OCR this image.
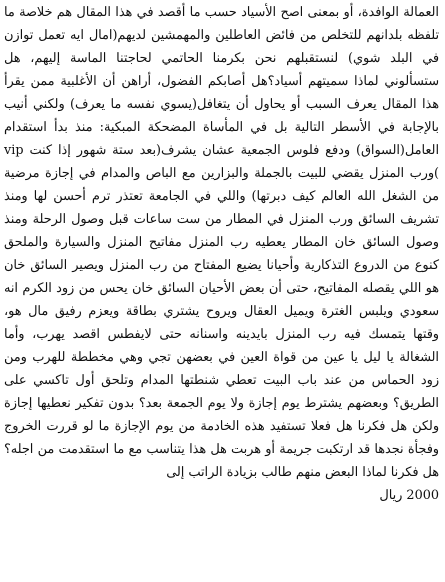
العمالة الوافدة، أو بمعنى اصح الأسياد حسب ما أقصد في هذا المقال هم خلاصة ما تلفظه بلدانهم للتخلص من فائض العاطلين والمهمشين لديهم(امال ايه تعمل توازن في البلد شوي) لنستقبلهم نحن بكرمنا الحاتمي لحاجتنا الماسة إليهم، هل ستسألوني لماذا سميتهم أسياد؟هل أصابكم الفضول، أراهن أن الأغلبية ممن يقرأ هذا المقال يعرف السبب أو يحاول أن يتغافل(يسوي نفسه ما يعرف) ولكني أنيب بالإجابة في الأسطر التالية بل في المأساة المضحكة المبكية: منذ بدأ استقدام العامل(السواق) ودفع فلوس الجمعية عشان يشرف(بعد ستة شهور إذا كنت vip )ورب المنزل يقضي للبيت بالجملة والبزارين مع الباص والمدام في إجازة مرضية من الشغل الله العالم كيف دبرتها) واللي في الجامعة تعتذر ترم أحسن لها ومنذ تشريف السائق ورب المنزل في المطار من ست ساعات قبل وصول الرحلة ومنذ وصول السائق خان المطار يعطيه رب المنزل مفاتيح المنزل والسيارة والملحق كنوع من الدروع التذكارية وأحيانا يضيع المفتاح من رب المنزل ويصير السائق خان هو اللي يقصله المفاتيح، حتى أن بعض الأحيان السائق خان يحس من زود الكرم انه سعودي ويلبس الغترة ويميل العقال ويروح يشتري بطاقة ويعزم رفيق مال هو، وقتها يتمسك فيه رب المنزل بايدينه واسنانه حتى لايفطس اقصد يهرب، وأما الشغالة يا ليل يا عين من قواة العين في بعضهن تجي وهي مخططة للهرب ومن زود الحماس من عند باب البيت تعطي شنطتها المدام وتلحق أول تاكسي على الطريق؟ وبعضهم يشترط يوم إجازة ولا يوم الجمعة بعد؟ بدون تفكير نعطيها إجازة ولكن هل فكرنا هل فعلا تستفيد هذه الخادمة من يوم الإجازة ما لو قررت الخروج وفجأة نجدها قد ارتكبت جريمة أو هربت هل هذا يتناسب مع ما استقدمت من اجله؟ هل فكرنا لماذا البعض منهم طالب بزيادة الراتب إلى

2000 ريال
